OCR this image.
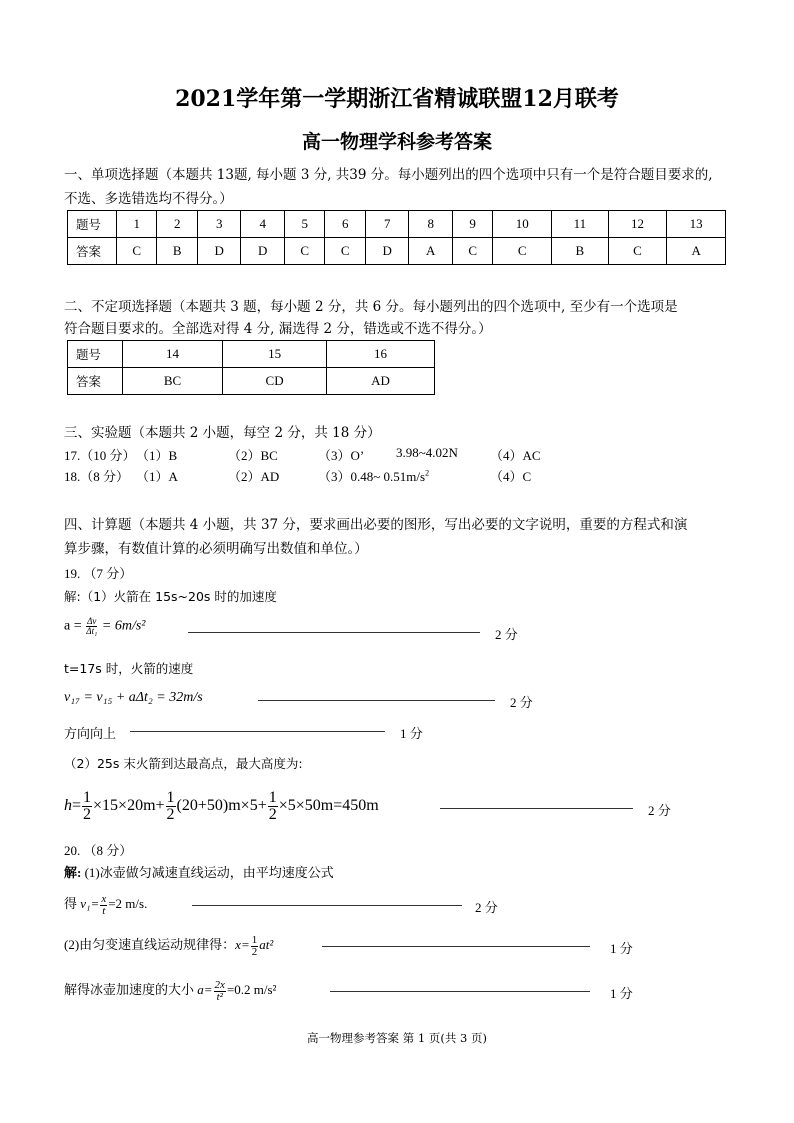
2021学年第一学期浙江省精诚联盟12月联考
高一物理学科参考答案
一、单项选择题（本题共 13题, 每小题 3 分, 共39 分。每小题列出的四个选项中只有一个是符合题目要求的,
不选、多选错选均不得分。）
题号	1	2	3	4	5	6	7	8	9	10	11	12	13
答案	C	B	D	D	C	C	D	A	C	C	B	C	A
二、不定项选择题（本题共 3 题，每小题 2 分，共 6 分。每小题列出的四个选项中, 至少有一个选项是
符合题目要求的。全部选对得 4 分, 漏选得 2 分，错选或不选不得分。）
题号	14	15	16
答案	BC	CD	AD
三、实验题（本题共 2 小题，每空 2 分，共 18 分）
17.（10 分） （1）B	（2）BC	（3）O’ 3.98~4.02N （4）AC
18.（8 分） （1）A	（2）AD	（3）0.48~ $0.51m/s^2$	（4）C
四、计算题（本题共 4 小题，共 37 分，要求画出必要的图形，写出必要的文字说明，重要的方程式和演
算步骤，有数值计算的必须明确写出数值和单位。）
19. （7 分）
解:（1）火箭在 15s~20s 时的加速度
$a = \frac{\Delta v}{\text{Δt₁}} = 6m/s^2$
2 分
t=17s 时，火箭的速度
v₁₇ = v₁₅ + aΔt₂ = 32m/s	2 分
方向向上	1 分
（2）25s 末火箭到达最高点，最大高度为:
$h= \frac{1}{2} \times 15\times 20m+ \frac{1}{2} (20+50)m\times 5+ \frac{1}{2} \times 5\times 50m=450m$	2 分
20. （8 分）
解: (1)冰壶做匀减速直线运动，由平均速度公式
得 $v_1= \frac{x}{t} =2$ m/s.	2 分
(2)由匀变速直线运动规律得：$x= \frac{1}{2} at^2$	1 分
解得冰壶加速度的大小 $a= \frac{2x}{\text{t²}} =0.2$ m/s²	1 分
高一物理参考答案 第 1 页(共 3 页)
